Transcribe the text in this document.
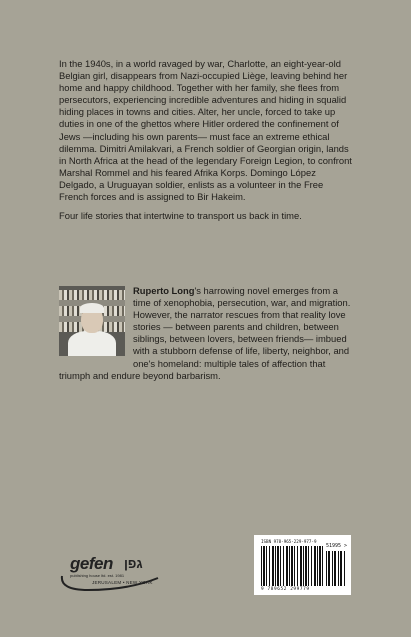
In the 1940s, in a world ravaged by war, Charlotte, an eight-year-old Belgian girl, disappears from Nazi-occupied Liège, leaving behind her home and happy childhood. Together with her family, she flees from persecutors, experiencing incredible adventures and hiding in squalid hiding places in towns and cities. Alter, her uncle, forced to take up duties in one of the ghettos where Hitler ordered the confinement of Jews —including his own parents— must face an extreme ethical dilemma. Dimitri Amilakvari, a French soldier of Georgian origin, lands in North Africa at the head of the legendary Foreign Legion, to confront Marshal Rommel and his feared Afrika Korps. Domingo López Delgado, a Uruguayan soldier, enlists as a volunteer in the Free French forces and is assigned to Bir Hakeim.

Four life stories that intertwine to transport us back in time.

Ruperto Long's harrowing novel emerges from a time of xenophobia, persecution, war, and migration. However, the narrator rescues from that reality love stories — between parents and children, between siblings, between lovers, between friends— imbued with a stubborn defense of life, liberty, neighbor, and one's homeland: multiple tales of affection that triumph and endure beyond barbarism.

gefen גפן
publishing house ltd. est. 1981
JERUSALEM • NEW YORK
ISBN 978-965-229-977-9
51995 >
9 789652 299779
